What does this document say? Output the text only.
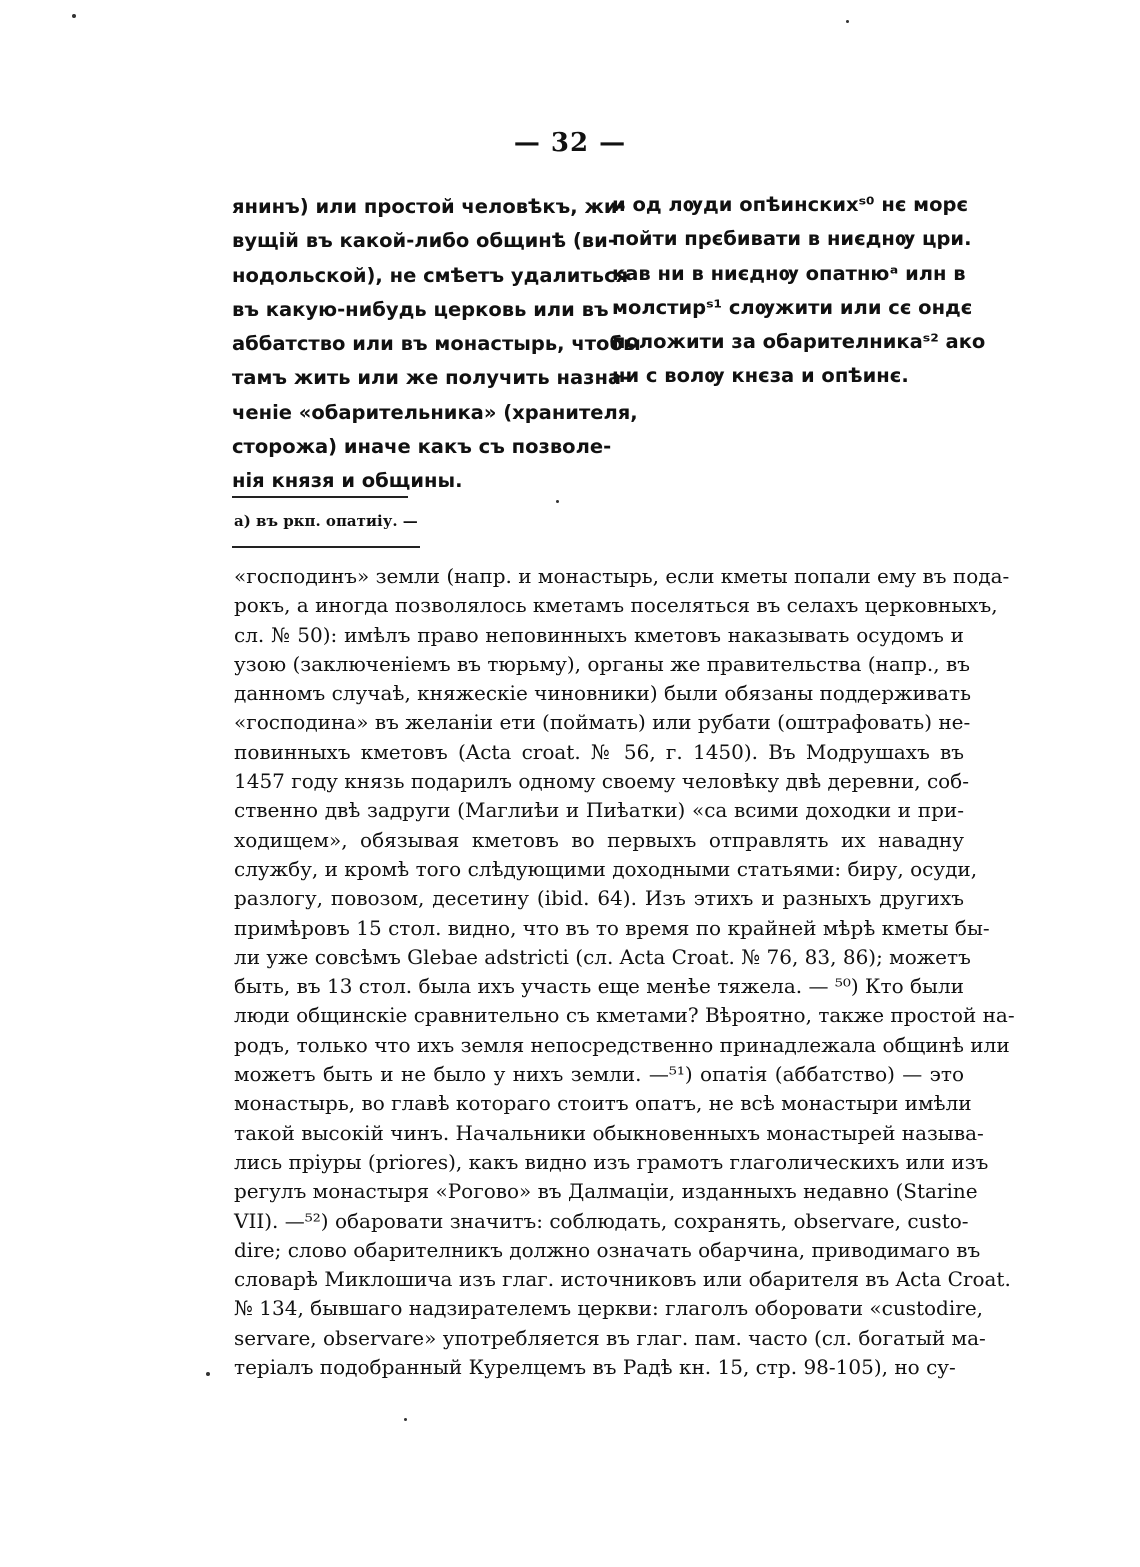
— 32 —
янинъ) или простой человѣкъ, жи-
вущій въ какой-либо общинѣ (ви-
нодольской), не смѣетъ удалиться
въ какую-нибудь церковь или въ
аббатство или въ монастырь, чтобы
тамъ жить или же получить назна-
ченіе «обарительника» (хранителя,
сторожа) иначе какъ съ позволе-
нія князя и общины.
и од лѹди опѣинскихˢ⁰ нє морє
пойти прєбивати в ниєднѹ цри.
кав ни в ниєднѹ опатнюᵃ илн в
молстирˢ¹ слѹжити или сє ондє
положити за обарителникаˢ² ако
ни с волѹ кнєза и опѣинє.
а) въ ркп. опатиіу. —
«господинъ» земли (напр. и монастырь, если кметы попали ему въ пода-
рокъ, а иногда позволялось кметамъ поселяться въ селахъ церковныхъ,
сл. № 50): имѣлъ право неповинныхъ кметовъ наказывать осудомъ и
узою (заключеніемъ въ тюрьму), органы же правительства (напр., въ
данномъ случаѣ, княжескіе чиновники) были обязаны поддерживать
«господина» въ желаніи ети (поймать) или рубати (оштрафовать) не-
повинныхъ кметовъ (Acta croat. № 56, г. 1450). Въ Модрушахъ въ
1457 году князь подарилъ одному своему человѣку двѣ деревни, соб-
ственно двѣ задруги (Маглиѣи и Пиѣатки) «са всими доходки и при-
ходищем», обязывая кметовъ во первыхъ отправлять их навадну
службу, и кромѣ того слѣдующими доходными статьями: биру, осуди,
разлогу, повозом, десетину (ibid. 64). Изъ этихъ и разныхъ другихъ
примѣровъ 15 стол. видно, что въ то время по крайней мѣрѣ кметы бы-
ли уже совсѣмъ Glebae adstricti (сл. Acta Croat. № 76, 83, 86); можетъ
быть, въ 13 стол. была ихъ участь еще менѣе тяжела. — ⁵⁰) Кто были
люди общинскіе сравнительно съ кметами? Вѣроятно, также простой на-
родъ, только что ихъ земля непосредственно принадлежала общинѣ или
можетъ быть и не было у нихъ земли. —⁵¹) опатія (аббатство) — это
монастырь, во главѣ котораго стоитъ опатъ, не всѣ монастыри имѣли
такой высокій чинъ. Начальники обыкновенныхъ монастырей называ-
лись пріуры (priores), какъ видно изъ грамотъ глаголическихъ или изъ
регулъ монастыря «Рогово» въ Далмаціи, изданныхъ недавно (Starine
VII). —⁵²) обаровати значитъ: соблюдать, сохранять, observare, custo-
dire; слово обарителникъ должно означать обарчина, приводимаго въ
словарѣ Миклошича изъ глаг. источниковъ или обарителя въ Acta Croat.
№ 134, бывшаго надзирателемъ церкви: глаголъ оборовати «custodire,
servare, observare» употребляется въ глаг. пам. часто (сл. богатый ма-
теріалъ подобранный Курелцемъ въ Радѣ кн. 15, стр. 98-105), но су-
